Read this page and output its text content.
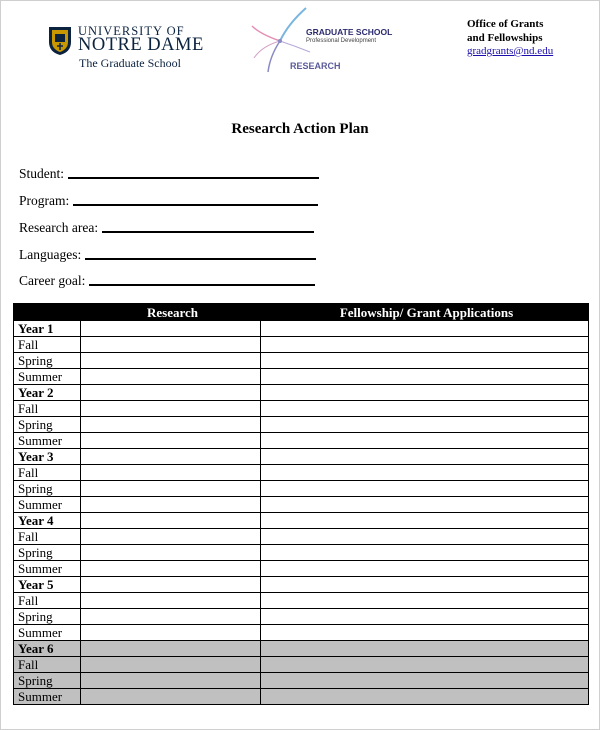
UNIVERSITY OF
NOTRE DAME
The Graduate School
GRADUATE SCHOOL
Professional Development
RESEARCH
Office of Grants
and Fellowships
gradgrants@nd.edu
Research Action Plan
Student:
Program:
Research area:
Languages:
Career goal:
	Research	Fellowship/ Grant Applications
Year 1		
Fall		
Spring		
Summer		
Year 2		
Fall		
Spring		
Summer		
Year 3		
Fall		
Spring		
Summer		
Year 4		
Fall		
Spring		
Summer		
Year 5		
Fall		
Spring		
Summer		
Year 6		
Fall		
Spring		
Summer		
